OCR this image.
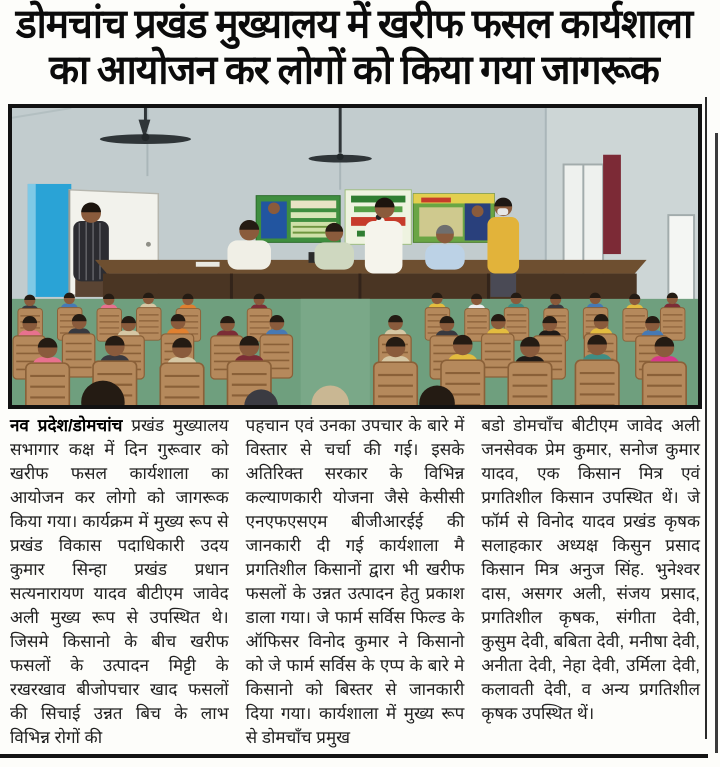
डोमचांच प्रखंड मुख्यालय में खरीफ फसल कार्यशाला
का आयोजन कर लोगों को किया गया जागरूक

नव प्रदेश/डोमचांच प्रखंड मुख्यालय सभागार कक्ष में दिन गुरूवार को खरीफ फसल कार्यशाला का आयोजन कर लोगो को जागरूक किया गया। कार्यक्रम में मुख्य रूप से प्रखंड विकास पदाधिकारी उदय कुमार सिन्हा प्रखंड प्रधान सत्यनारायण यादव बीटीएम जावेद अली मुख्य रूप से उपस्थित थे। जिसमे किसानो के बीच खरीफ फसलों के उत्पादन मिट्टी के रखरखाव बीजोपचार खाद फसलों की सिचाई उन्नत बिच के लाभ विभिन्न रोगों की

पहचान एवं उनका उपचार के बारे में विस्तार से चर्चा की गई। इसके अतिरिक्त सरकार के विभिन्न कल्याणकारी योजना जैसे केसीसी एनएफएसएम बीजीआरईई की जानकारी दी गई कार्यशाला मै प्रगतिशील किसानों द्वारा भी खरीफ फसलों के उन्नत उत्पादन हेतु प्रकाश डाला गया। जे फार्म सर्विस फिल्ड के ऑफिसर विनोद कुमार ने किसानो को जे फार्म सर्विस के एप्प के बारे मे किसानो को बिस्तर से जानकारी दिया गया। कार्यशाला में मुख्य रूप से डोमचाँच प्रमुख

बडो डोमचाँच बीटीएम जावेद अली जनसेवक प्रेम कुमार, सनोज कुमार यादव, एक किसान मित्र एवं प्रगतिशील किसान उपस्थित थें। जे फॉर्म से विनोद यादव प्रखंड कृषक सलाहकार अध्यक्ष किसुन प्रसाद किसान मित्र अनुज सिंह. भुनेश्वर दास, असगर अली, संजय प्रसाद, प्रगतिशील कृषक, संगीता देवी, कुसुम देवी, बबिता देवी, मनीषा देवी, अनीता देवी, नेहा देवी, उर्मिला देवी, कलावती देवी, व अन्य प्रगतिशील कृषक उपस्थित थें।
